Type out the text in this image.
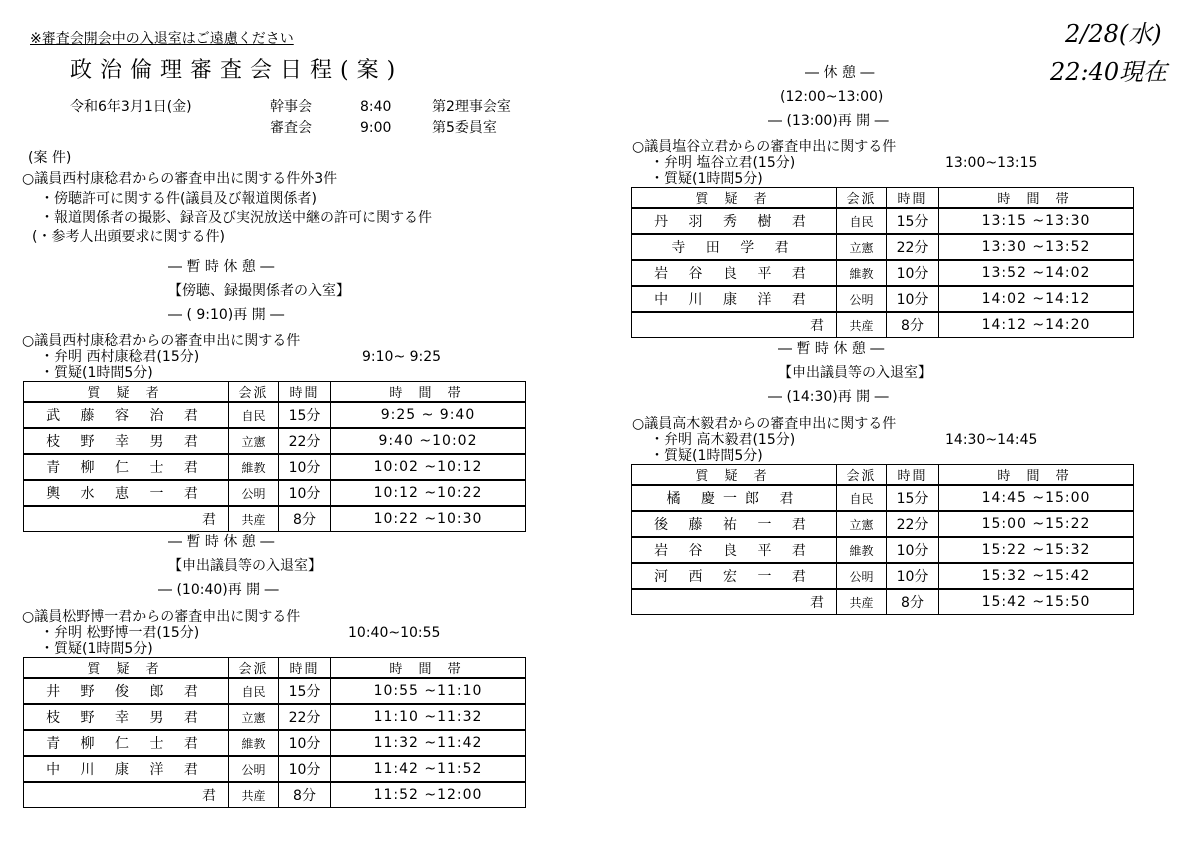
※審査会開会中の入退室はご遠慮ください
政治倫理審査会日程(案)
令和6年3月1日(金)	幹事会	8:40	第2理事会室
審査会	9:00	第5委員室
2/28(水)
22:40現在
(案 件)
○議員西村康稔君からの審査申出に関する件外3件
・傍聴許可に関する件(議員及び報道関係者)
・報道関係者の撮影、録音及び実況放送中継の許可に関する件
(・参考人出頭要求に関する件)
― 暫 時 休 憩 ―
【傍聴、録撮関係者の入室】
― ( 9:10)再 開 ―
○議員西村康稔君からの審査申出に関する件
・弁明 西村康稔君(15分)	9:10~ 9:25
・質疑(1時間5分)
質 疑 者	会派	時間	時 間 帯
武 藤 容 治 君	自民	15分	9:25 ~ 9:40
枝 野 幸 男 君	立憲	22分	9:40 ~10:02
青 柳 仁 士 君	維教	10分	10:02 ~10:12
輿 水 恵 一 君	公明	10分	10:12 ~10:22
君	共産	8分	10:22 ~10:30
― 暫 時 休 憩 ―
【申出議員等の入退室】
― (10:40)再 開 ―
○議員松野博一君からの審査申出に関する件
・弁明 松野博一君(15分)	10:40~10:55
・質疑(1時間5分)
質 疑 者	会派	時間	時 間 帯
井 野 俊 郎 君	自民	15分	10:55 ~11:10
枝 野 幸 男 君	立憲	22分	11:10 ~11:32
青 柳 仁 士 君	維教	10分	11:32 ~11:42
中 川 康 洋 君	公明	10分	11:42 ~11:52
君	共産	8分	11:52 ~12:00
― 休 憩 ―
(12:00~13:00)
― (13:00)再 開 ―
○議員塩谷立君からの審査申出に関する件
・弁明 塩谷立君(15分)	13:00~13:15
・質疑(1時間5分)
質 疑 者	会派	時間	時 間 帯
丹 羽 秀 樹 君	自民	15分	13:15 ~13:30
寺 田 学 君	立憲	22分	13:30 ~13:52
岩 谷 良 平 君	維教	10分	13:52 ~14:02
中 川 康 洋 君	公明	10分	14:02 ~14:12
君	共産	8分	14:12 ~14:20
― 暫 時 休 憩 ―
【申出議員等の入退室】
― (14:30)再 開 ―
○議員高木毅君からの審査申出に関する件
・弁明 高木毅君(15分)	14:30~14:45
・質疑(1時間5分)
質 疑 者	会派	時間	時 間 帯
橘 慶一郎 君	自民	15分	14:45 ~15:00
後 藤 祐 一 君	立憲	22分	15:00 ~15:22
岩 谷 良 平 君	維教	10分	15:22 ~15:32
河 西 宏 一 君	公明	10分	15:32 ~15:42
君	共産	8分	15:42 ~15:50
